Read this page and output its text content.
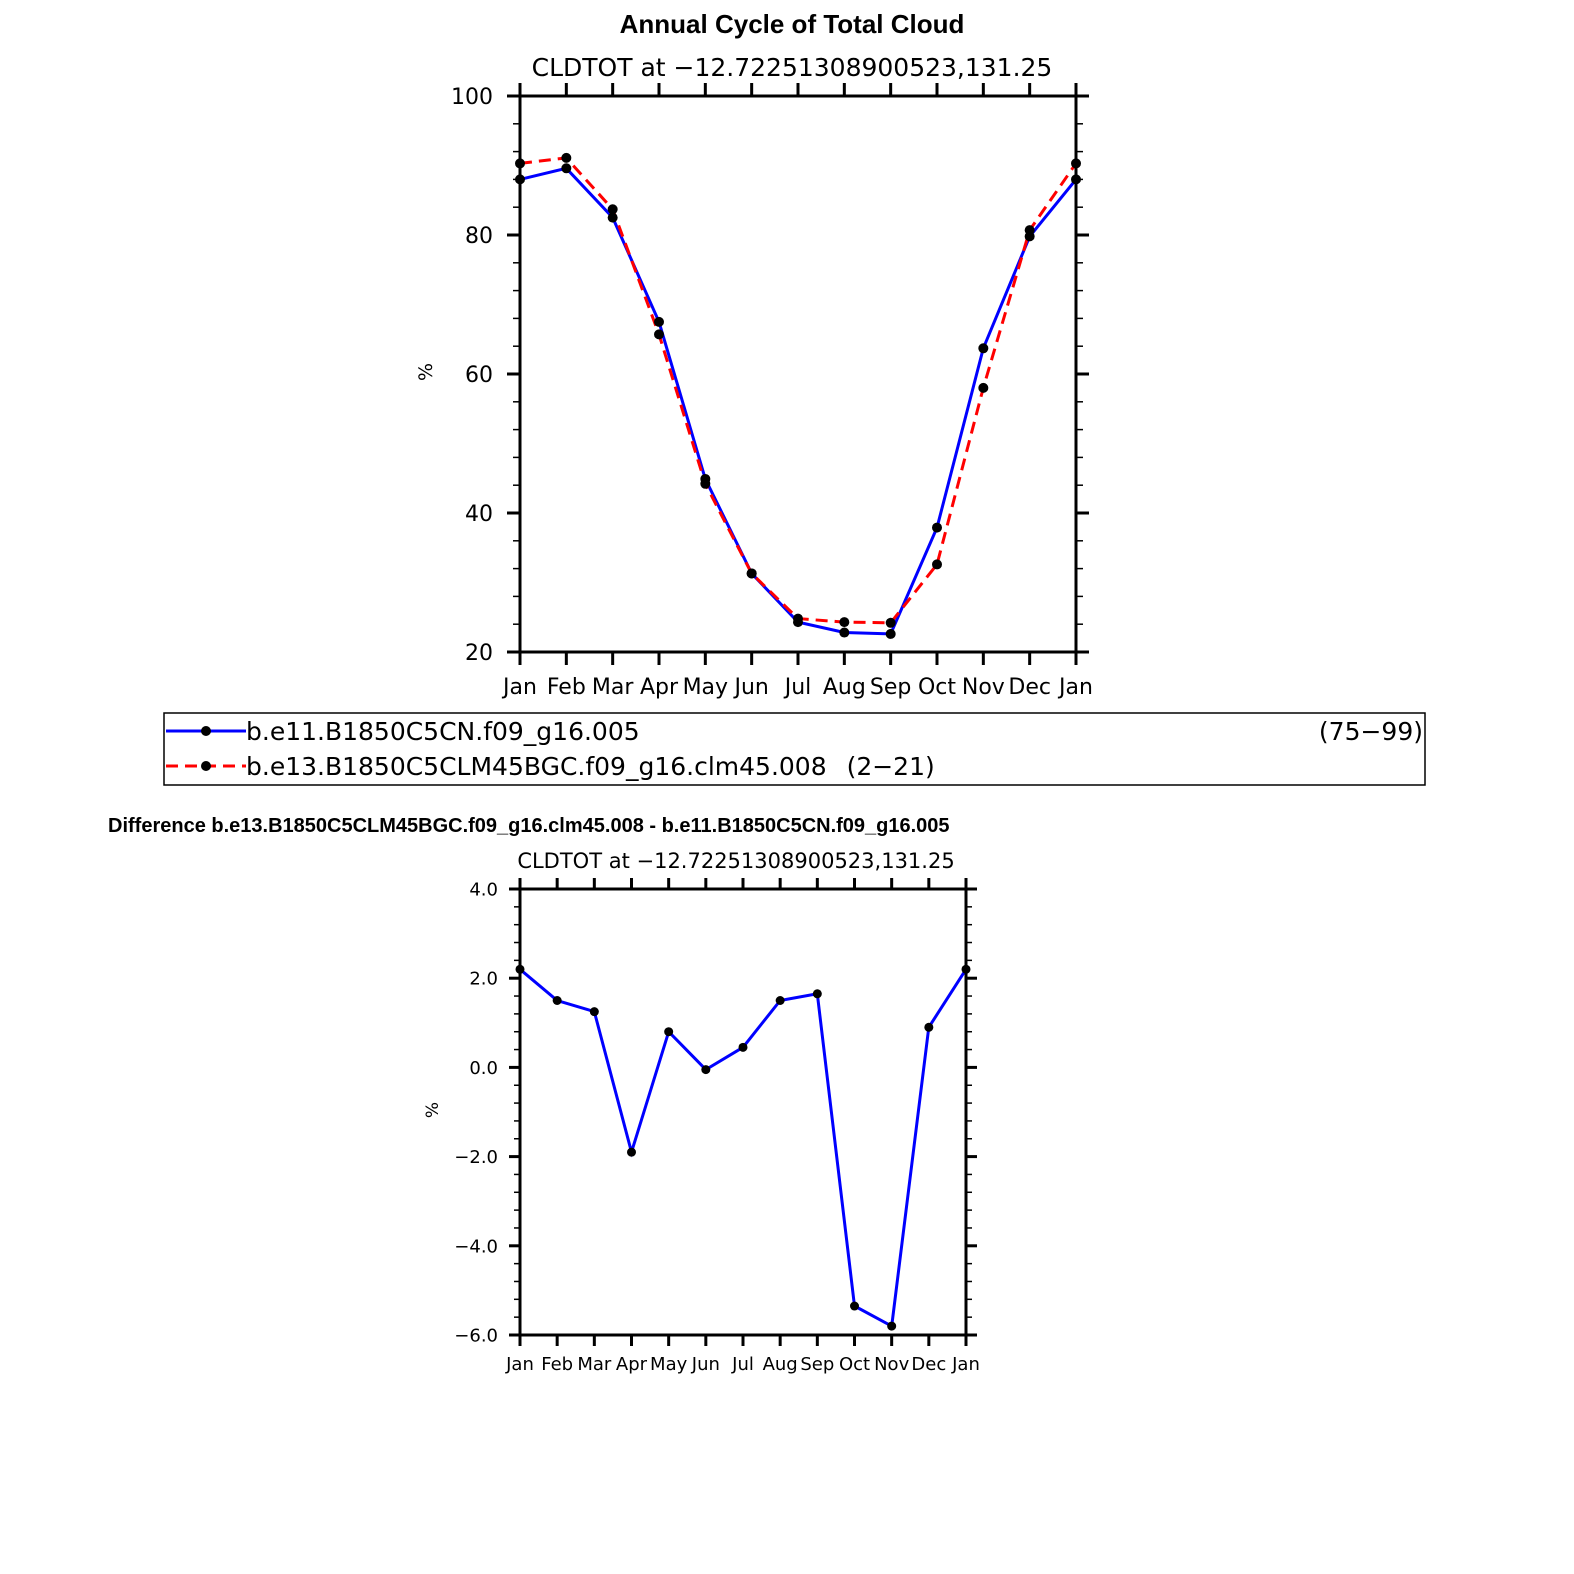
Annual Cycle of Total Cloud
CLDTOT at −12.72251308900523,131.25
%
Jan Feb Mar Apr May Jun Jul Aug Sep Oct Nov Dec Jan
20
40
60
80
100
b.e11.B1850C5CN.f09_g16.005	(75−99)
b.e13.B1850C5CLM45BGC.f09_g16.clm45.008 (2−21)
Difference b.e13.B1850C5CLM45BGC.f09_g16.clm45.008 - b.e11.B1850C5CN.f09_g16.005
CLDTOT at −12.72251308900523,131.25
%
Jan Feb Mar Apr May Jun Jul Aug Sep Oct Nov Dec Jan
−6.0
−4.0
−2.0
0.0
2.0
4.0
